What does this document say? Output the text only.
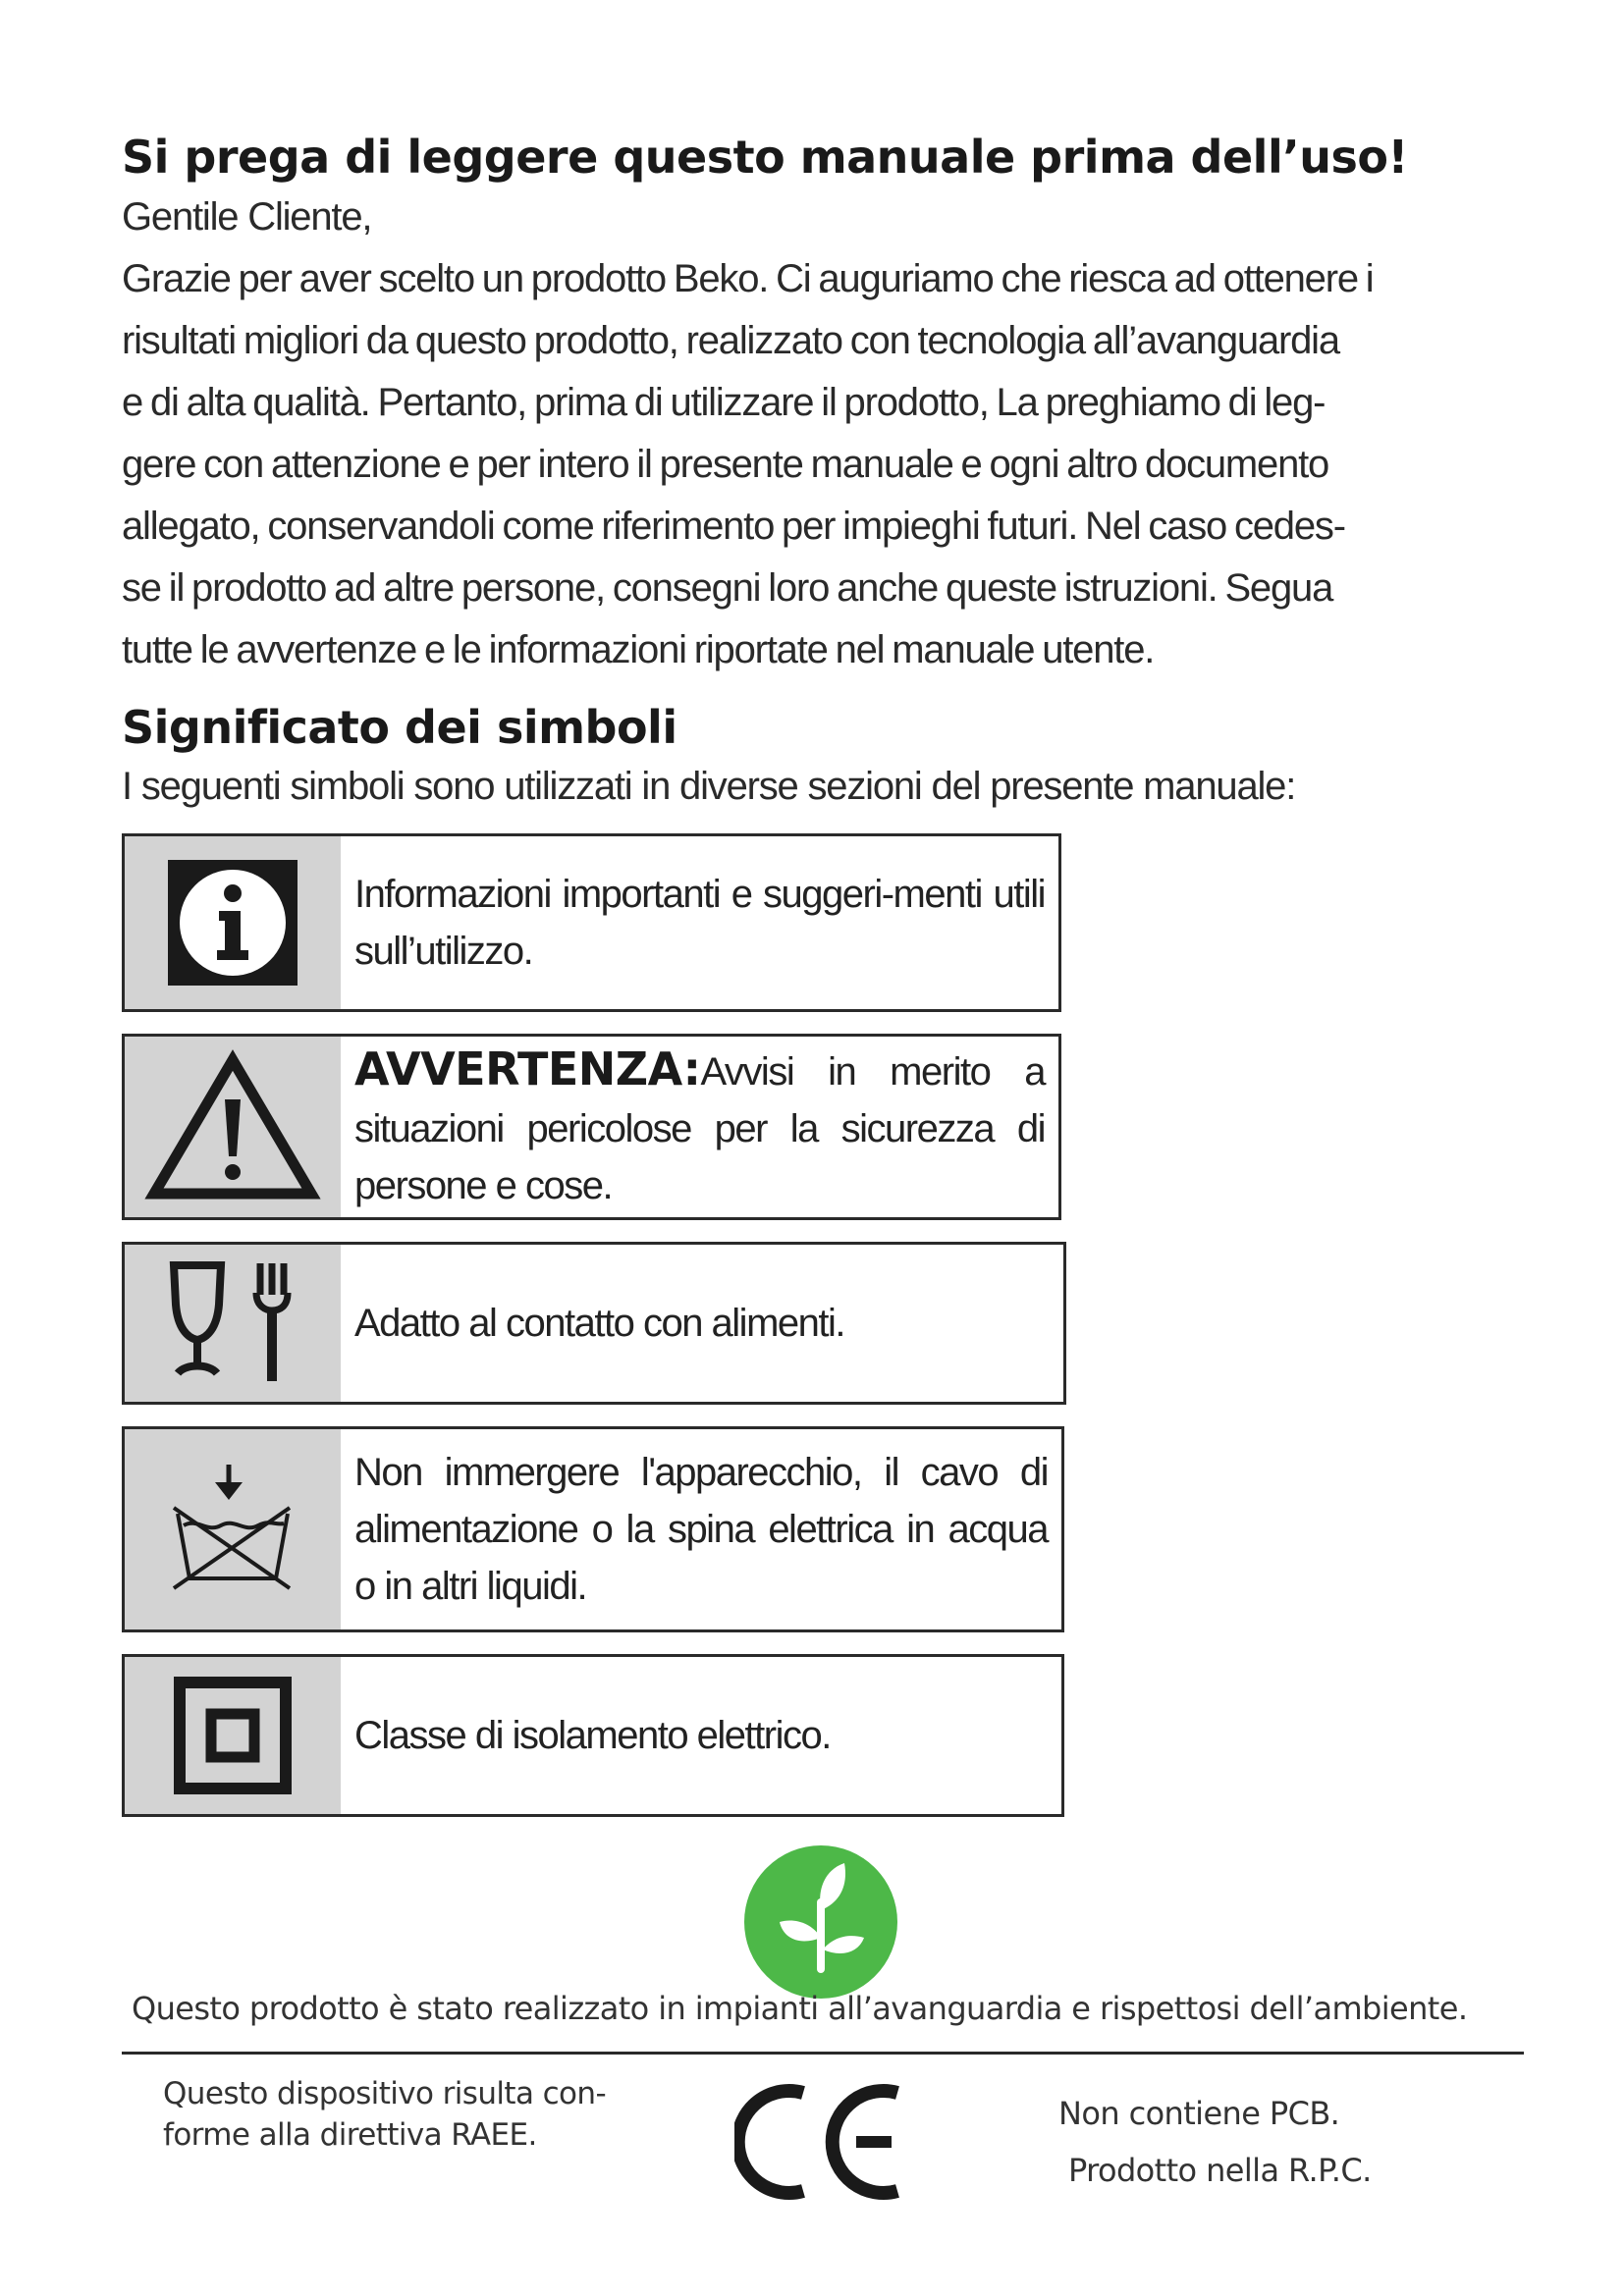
Si prega di leggere questo manuale prima dell’uso!
Gentile Cliente,
Grazie per aver scelto un prodotto Beko. Ci auguriamo che riesca ad ottenere i
risultati migliori da questo prodotto, realizzato con tecnologia all’avanguardia
e di alta qualità. Pertanto, prima di utilizzare il prodotto, La preghiamo di leg-
gere con attenzione e per intero il presente manuale e ogni altro documento
allegato, conservandoli come riferimento per impieghi futuri. Nel caso cedes-
se il prodotto ad altre persone, consegni loro anche queste istruzioni. Segua
tutte le avvertenze e le informazioni riportate nel manuale utente.
Significato dei simboli
I seguenti simboli sono utilizzati in diverse sezioni del presente manuale:
Informazioni importanti e suggeri-menti utili sull’utilizzo.
AVVERTENZA:Avvisi in merito a situazioni pericolose per la sicurezza di persone e cose.
Adatto al contatto con alimenti.
Non immergere l'apparecchio, il cavo di alimentazione o la spina elettrica in acqua o in altri liquidi.
Classe di isolamento elettrico.
Questo prodotto è stato realizzato in impianti all’avanguardia e rispettosi dell’ambiente.
Questo dispositivo risulta con-
forme alla direttiva RAEE.
Non contiene PCB.
Prodotto nella R.P.C.
